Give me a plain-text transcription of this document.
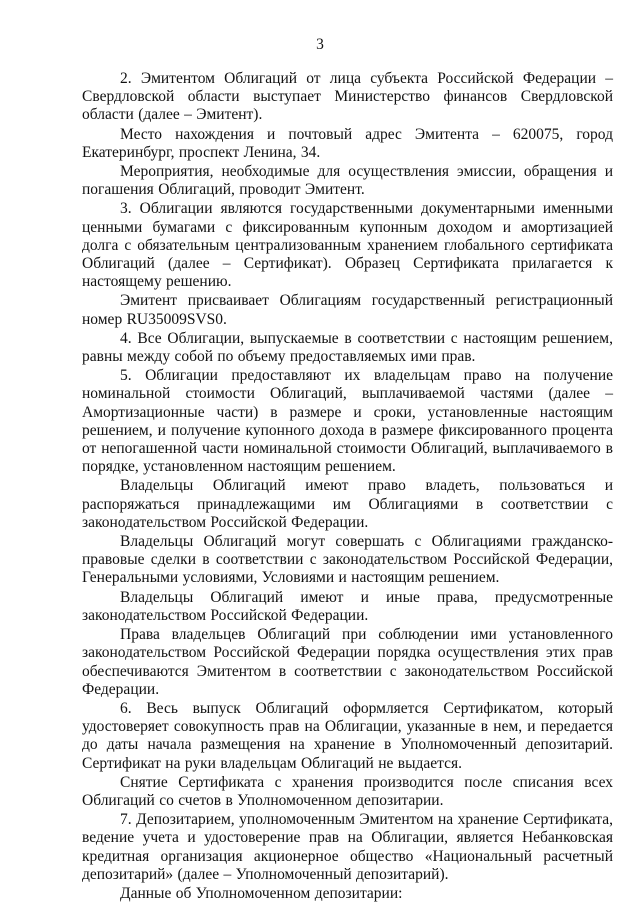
3

2. Эмитентом Облигаций от лица субъекта Российской Федерации – Свердловской области выступает Министерство финансов Свердловской области (далее – Эмитент).

Место нахождения и почтовый адрес Эмитента – 620075, город Екатеринбург, проспект Ленина, 34.

Мероприятия, необходимые для осуществления эмиссии, обращения и погашения Облигаций, проводит Эмитент.

3. Облигации являются государственными документарными именными ценными бумагами с фиксированным купонным доходом и амортизацией долга с обязательным централизованным хранением глобального сертификата Облигаций (далее – Сертификат). Образец Сертификата прилагается к настоящему решению.

Эмитент присваивает Облигациям государственный регистрационный номер RU35009SVS0.

4. Все Облигации, выпускаемые в соответствии с настоящим решением, равны между собой по объему предоставляемых ими прав.

5. Облигации предоставляют их владельцам право на получение номинальной стоимости Облигаций, выплачиваемой частями (далее – Амортизационные части) в размере и сроки, установленные настоящим решением, и получение купонного дохода в размере фиксированного процента от непогашенной части номинальной стоимости Облигаций, выплачиваемого в порядке, установленном настоящим решением.

Владельцы Облигаций имеют право владеть, пользоваться и распоряжаться принадлежащими им Облигациями в соответствии с законодательством Российской Федерации.

Владельцы Облигаций могут совершать с Облигациями гражданско-правовые сделки в соответствии с законодательством Российской Федерации, Генеральными условиями, Условиями и настоящим решением.

Владельцы Облигаций имеют и иные права, предусмотренные законодательством Российской Федерации.

Права владельцев Облигаций при соблюдении ими установленного законодательством Российской Федерации порядка осуществления этих прав обеспечиваются Эмитентом в соответствии с законодательством Российской Федерации.

6. Весь выпуск Облигаций оформляется Сертификатом, который удостоверяет совокупность прав на Облигации, указанные в нем, и передается до даты начала размещения на хранение в Уполномоченный депозитарий. Сертификат на руки владельцам Облигаций не выдается.

Снятие Сертификата с хранения производится после списания всех Облигаций со счетов в Уполномоченном депозитарии.

7. Депозитарием, уполномоченным Эмитентом на хранение Сертификата, ведение учета и удостоверение прав на Облигации, является Небанковская кредитная организация акционерное общество «Национальный расчетный депозитарий» (далее – Уполномоченный депозитарий).

Данные об Уполномоченном депозитарии:
